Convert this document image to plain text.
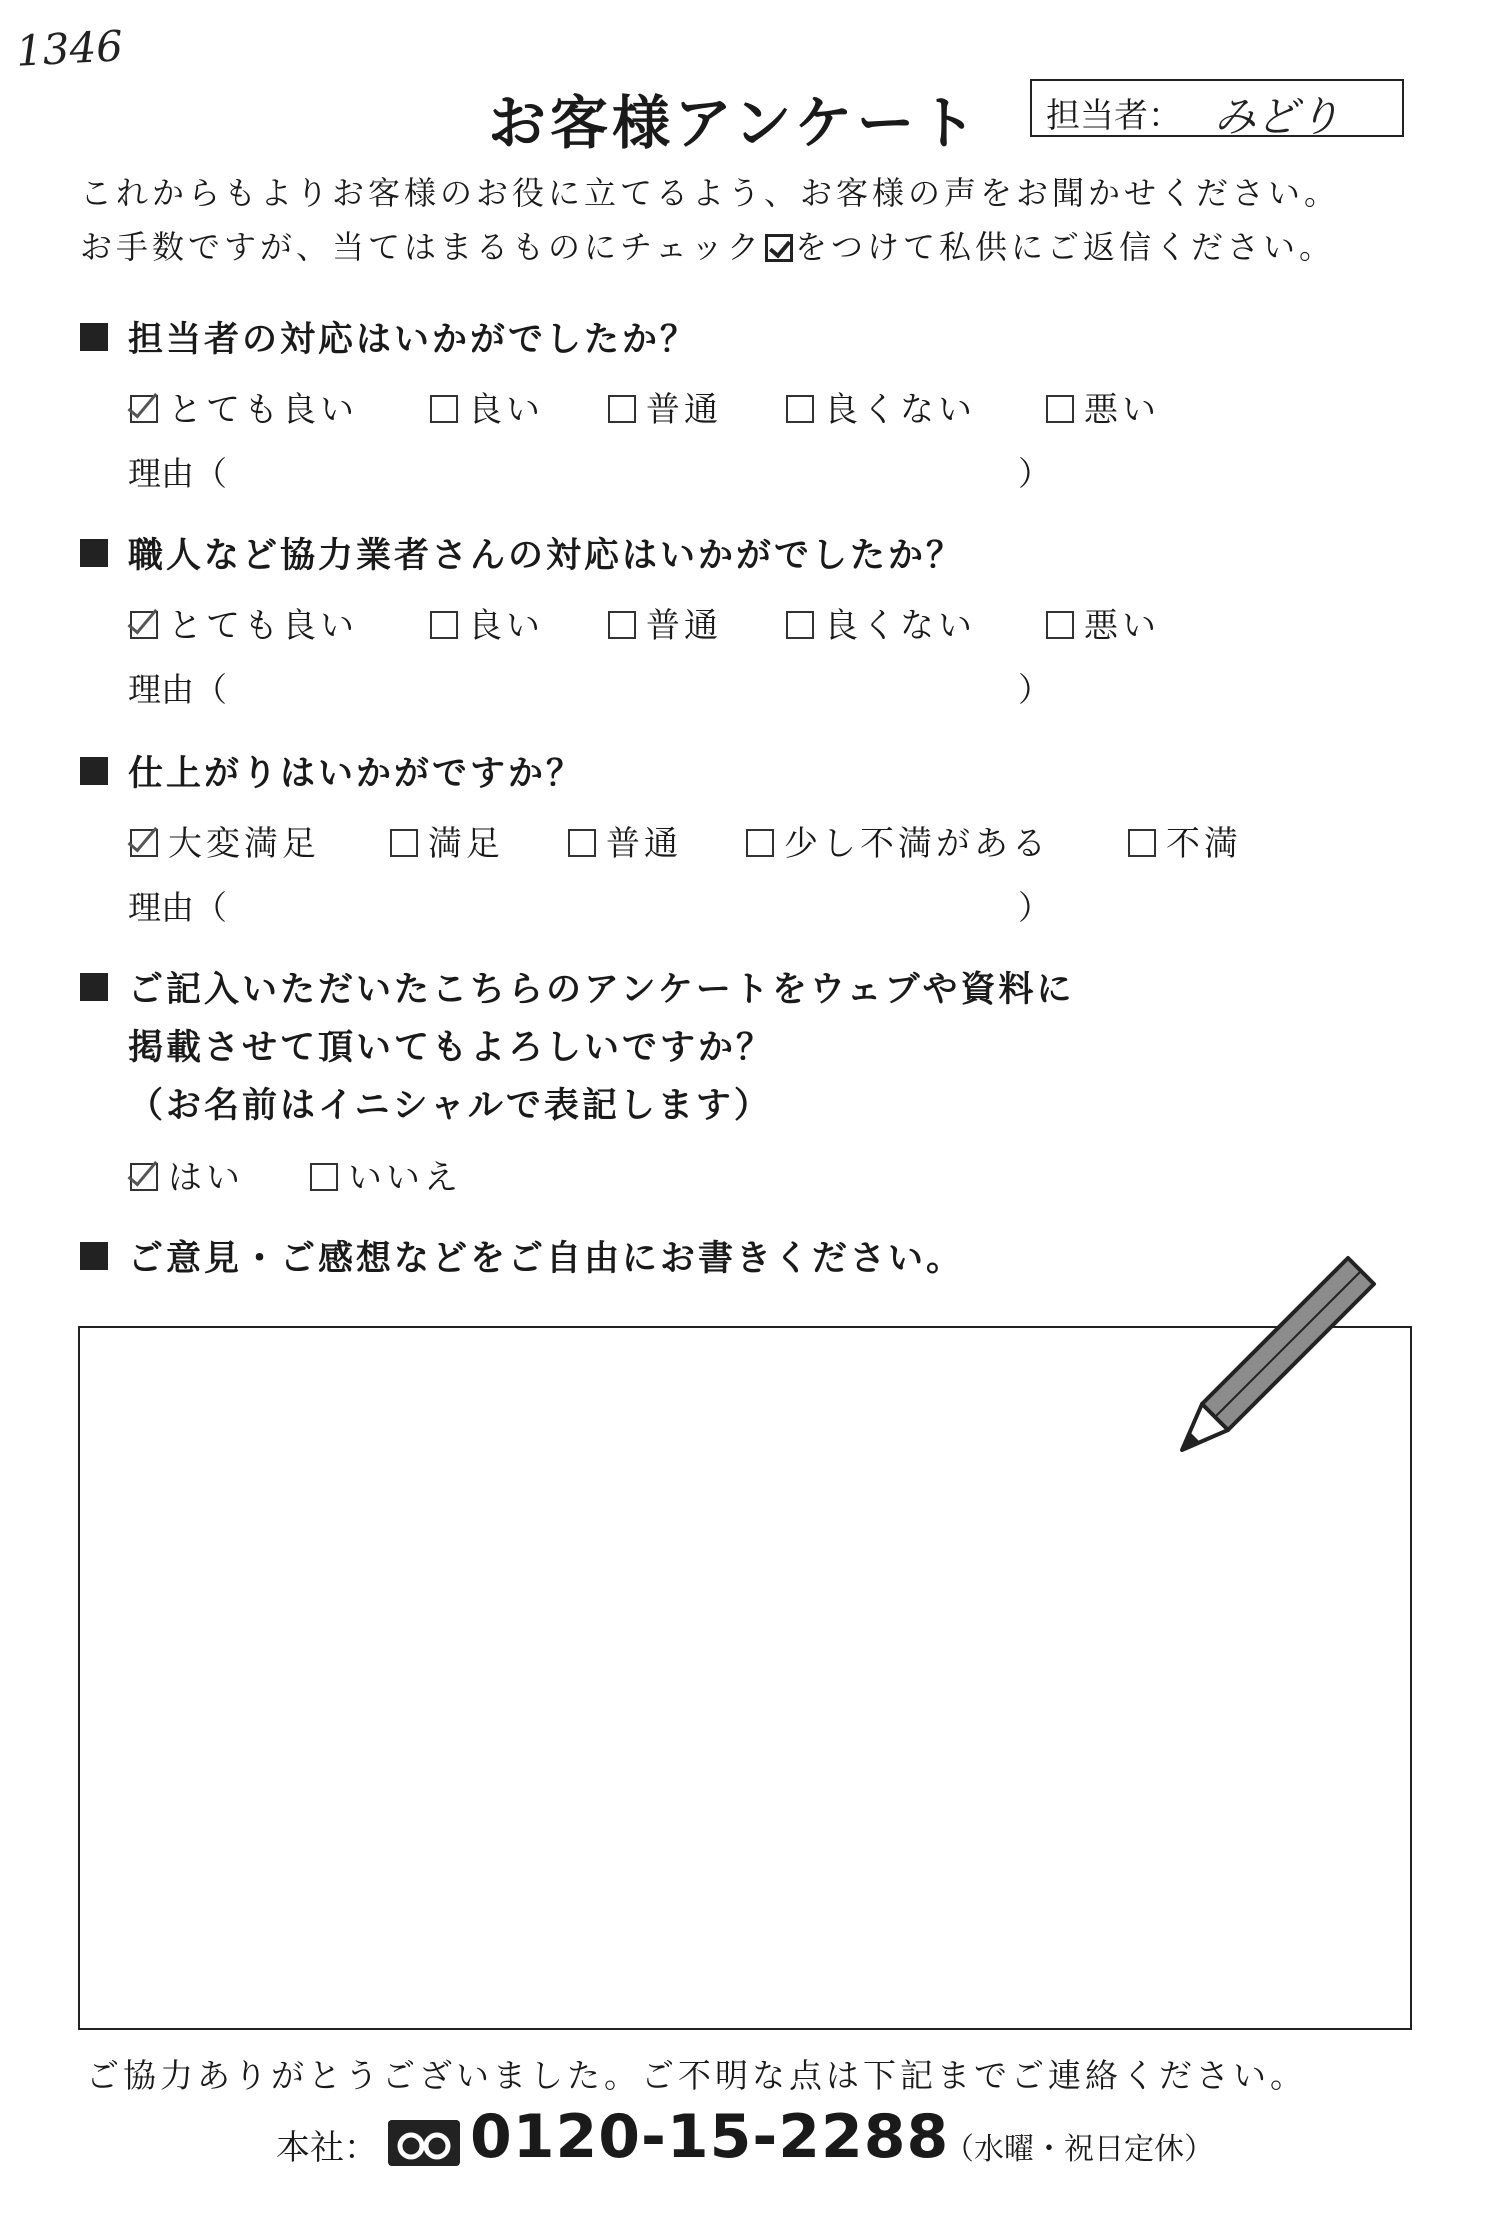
1346
お客様アンケート 担当者： みどり
これからもよりお客様のお役に立てるよう、お客様の声をお聞かせください。
お手数ですが、当てはまるものにチェック をつけて私供にご返信ください。
担当者の対応はいかがでしたか？
とても良い	良い	普通	良くない	悪い
理由（	）
職人など協力業者さんの対応はいかがでしたか？
とても良い	良い	普通	良くない	悪い
理由（	）
仕上がりはいかがですか？
大変満足	満足	普通	少し不満がある	不満
理由（	）
ご記入いただいたこちらのアンケートをウェブや資料に
掲載させて頂いてもよろしいですか？
（お名前はイニシャルで表記します）
はい	いいえ
ご意見・ご感想などをご自由にお書きください。
ご協力ありがとうございました。ご不明な点は下記までご連絡ください。
本社： 0120-15-2288
（水曜・祝日定休）
